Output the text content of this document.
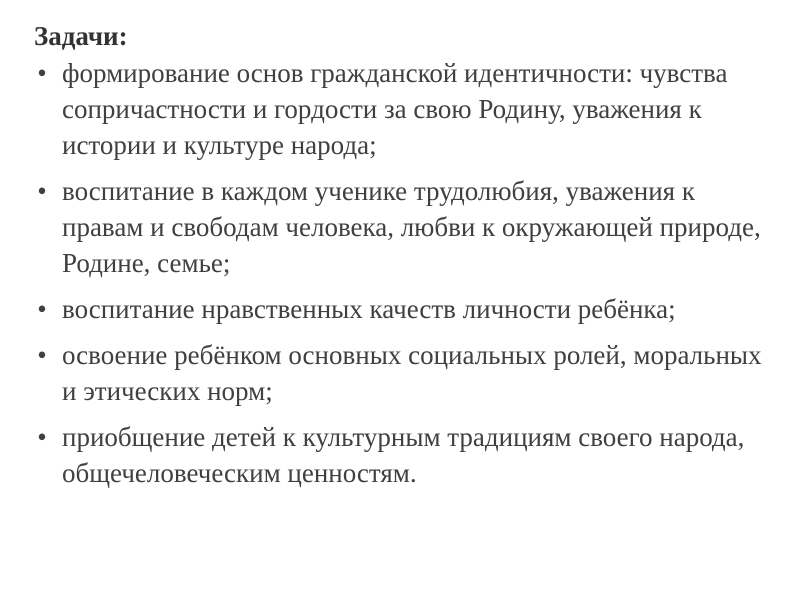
Задачи:
• формирование основ гражданской идентичности: чувства сопричастности и гордости за свою Родину, уважения к истории и культуре народа;
• воспитание в каждом ученике трудолюбия, уважения к правам и свободам человека, любви к окружающей природе, Родине, семье;
• воспитание нравственных качеств личности ребёнка;
• освоение ребёнком основных социальных ролей, моральных и этических норм;
• приобщение детей к культурным традициям своего народа, общечеловеческим ценностям.
